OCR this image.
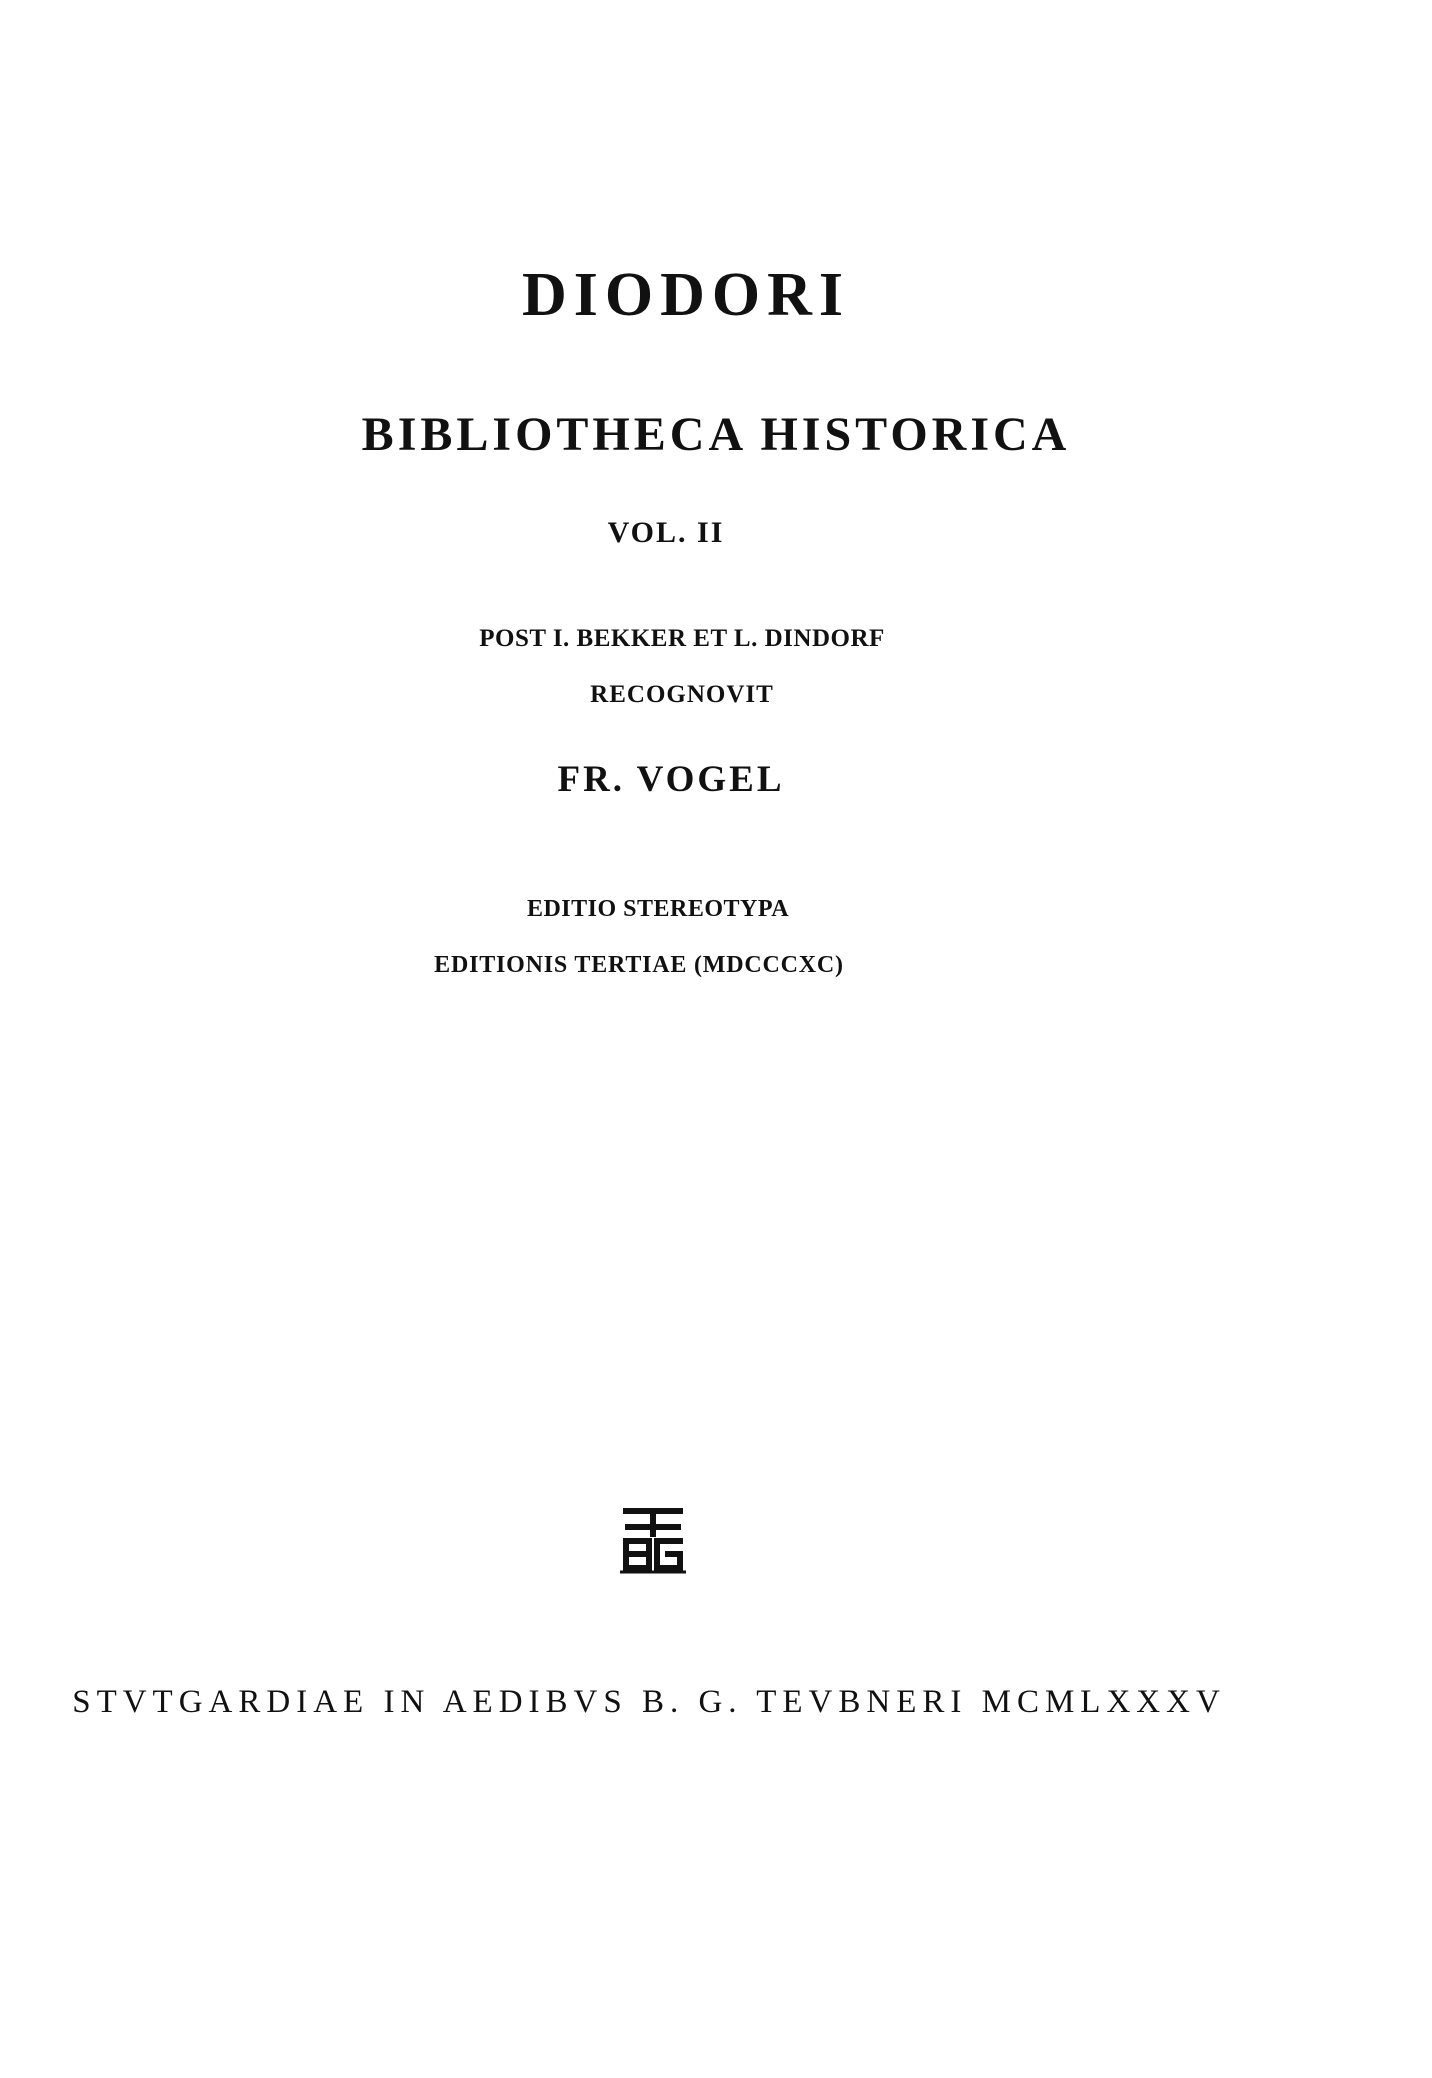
DIODORI
BIBLIOTHECA HISTORICA
VOL. II
POST I. BEKKER ET L. DINDORF
RECOGNOVIT
FR. VOGEL
EDITIO STEREOTYPA
EDITIONIS TERTIAE (MDCCCXC)
STVTGARDIAE IN AEDIBVS B. G. TEVBNERI MCMLXXXV
